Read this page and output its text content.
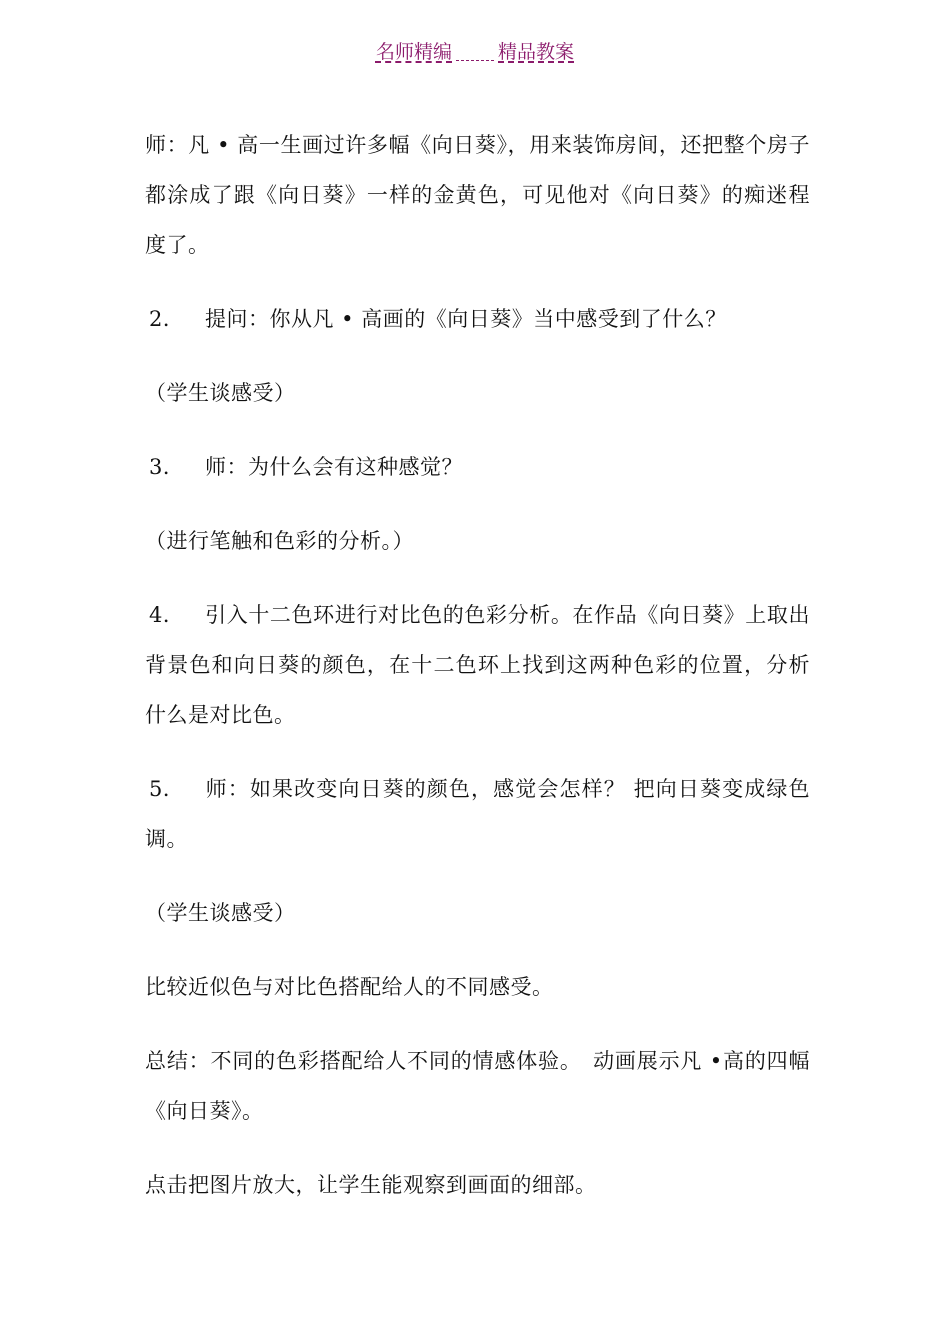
名师精编 精品教案

师：凡 • 高一生画过许多幅《向日葵》，用来装饰房间，还把整个房子都涂成了跟《向日葵》一样的金黄色，可见他对《向日葵》的痴迷程度了。

2． 提问：你从凡 • 高画的《向日葵》当中感受到了什么？

（学生谈感受）

3． 师：为什么会有这种感觉？

（进行笔触和色彩的分析。）

4． 引入十二色环进行对比色的色彩分析。在作品《向日葵》上取出背景色和向日葵的颜色，在十二色环上找到这两种色彩的位置，分析什么是对比色。

5． 师：如果改变向日葵的颜色，感觉会怎样？ 把向日葵变成绿色调。

（学生谈感受）

比较近似色与对比色搭配给人的不同感受。

总结：不同的色彩搭配给人不同的情感体验。　动画展示凡 •高的四幅《向日葵》。

点击把图片放大，让学生能观察到画面的细部。
